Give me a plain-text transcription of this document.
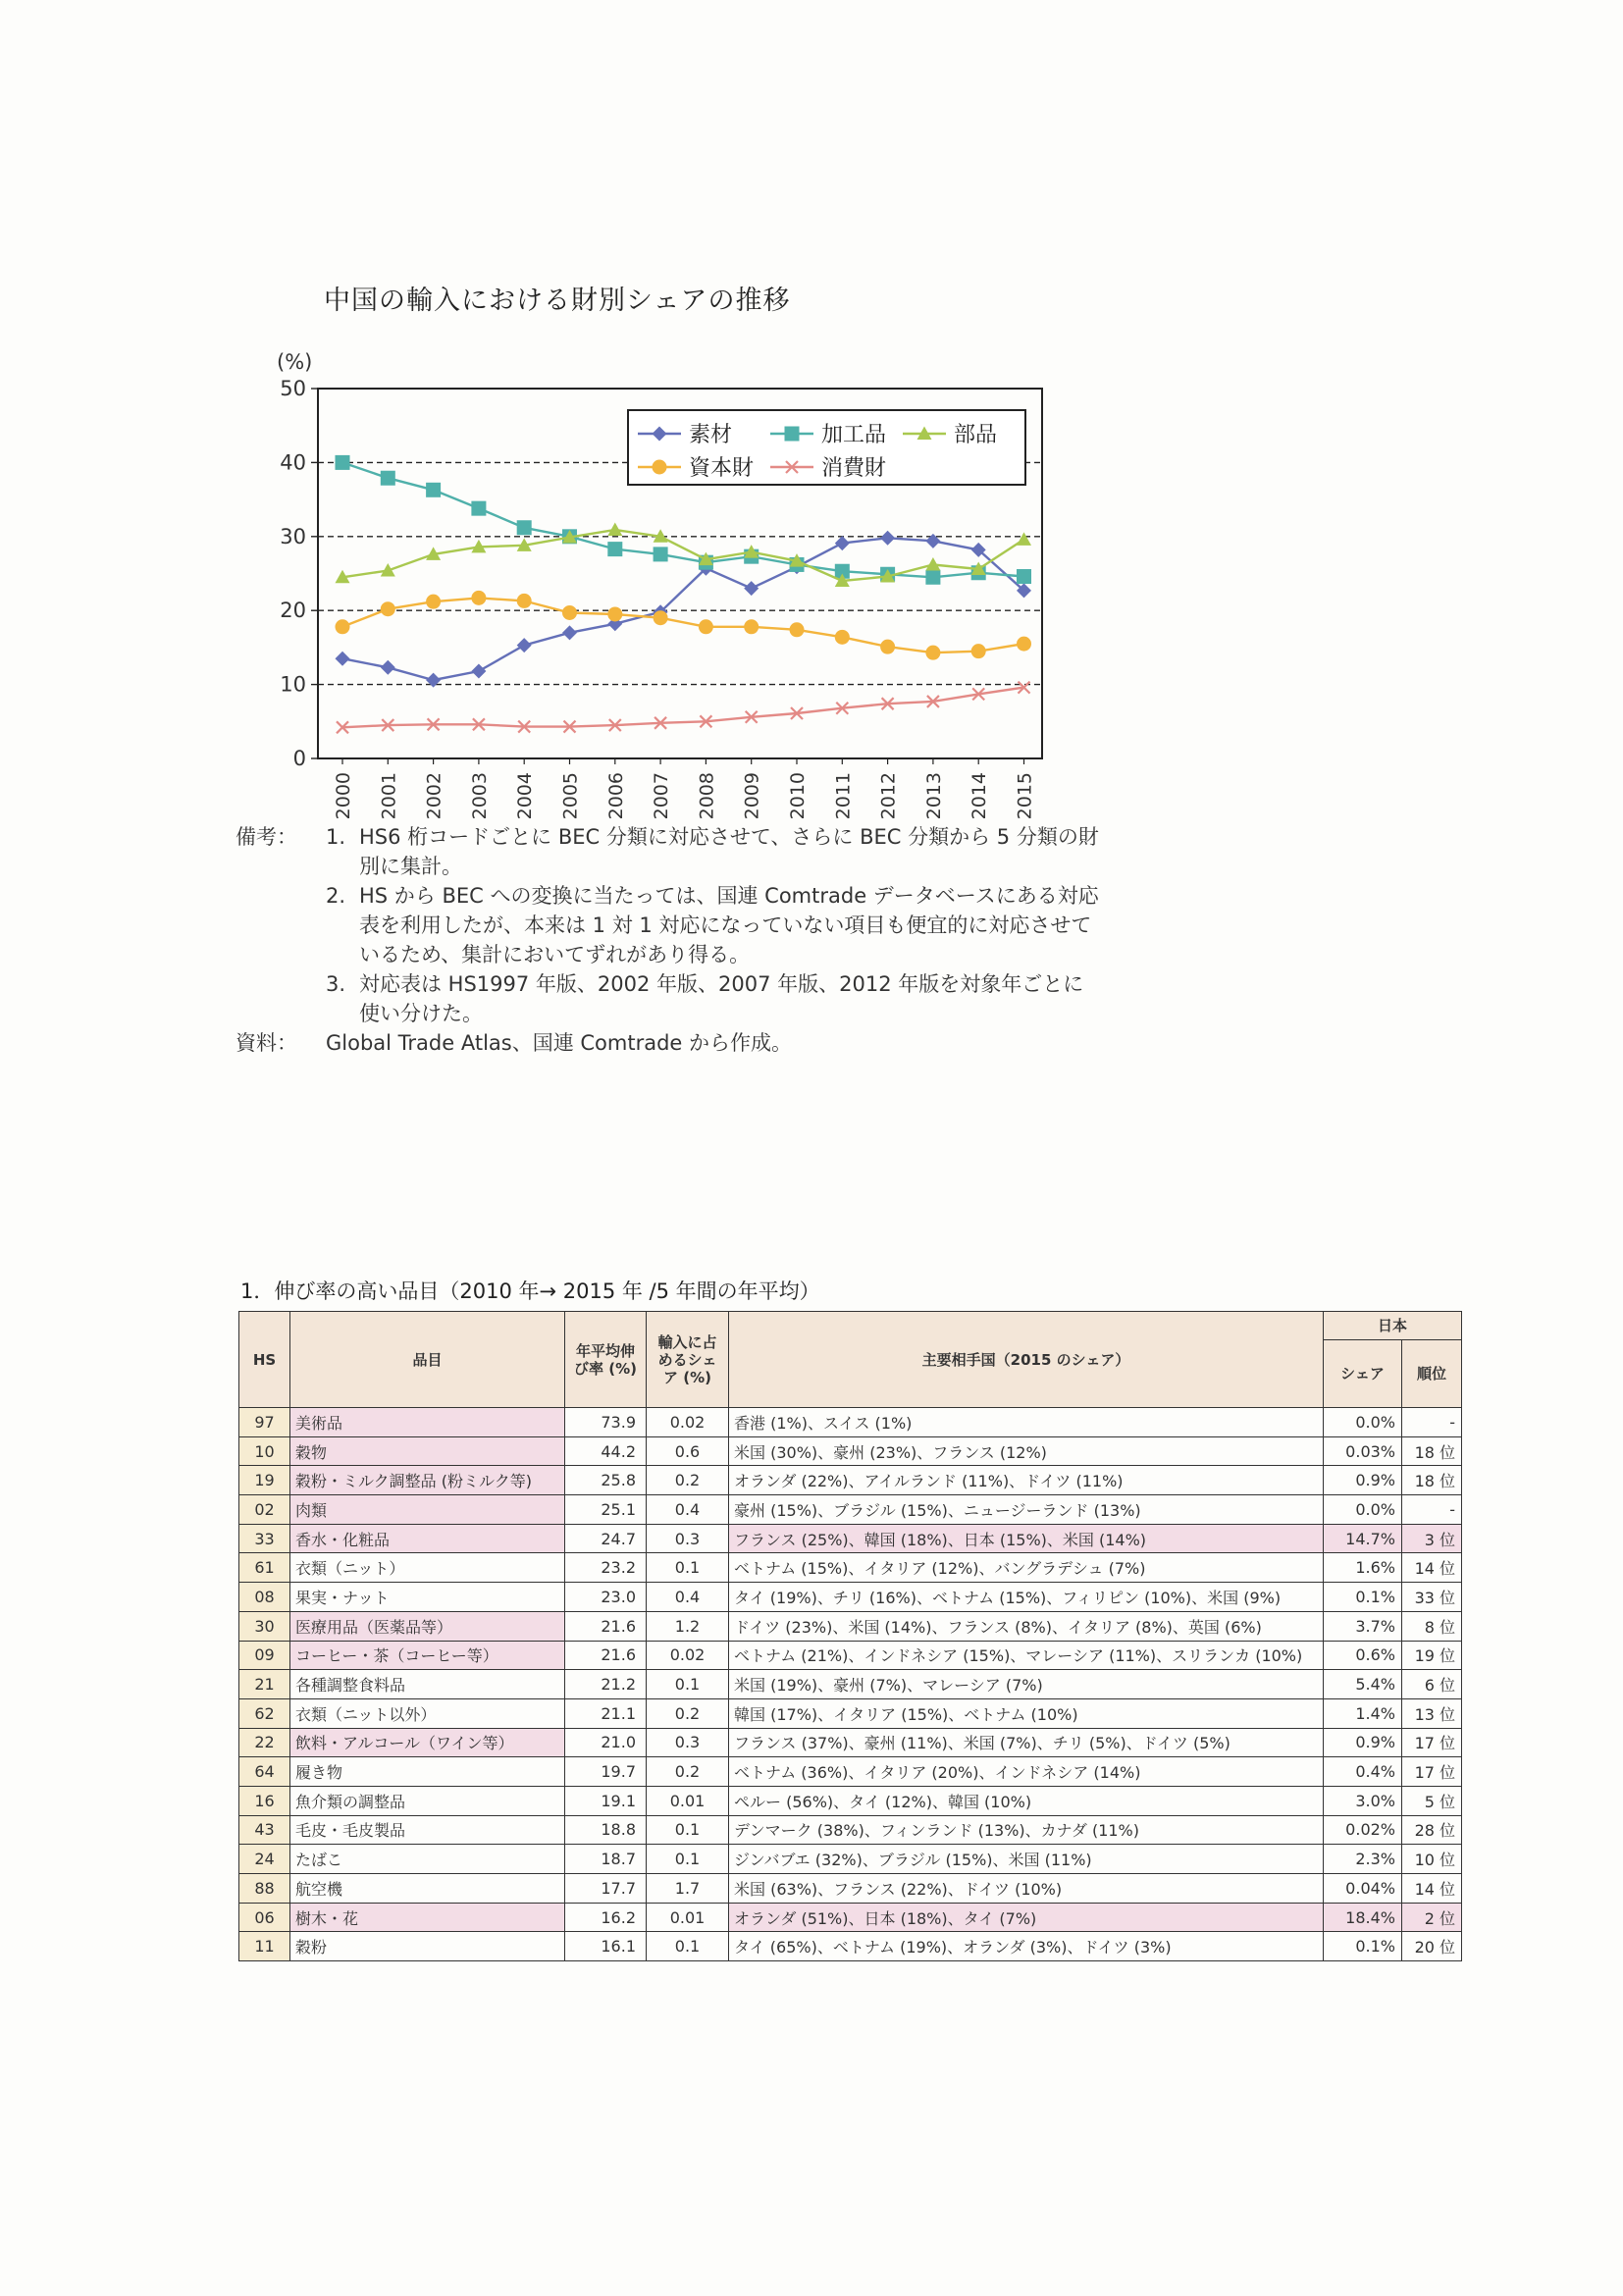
中国の輸入における財別シェアの推移
(%)
0
10
20
30
40
50
2000 2001 2002 2003 2004 2005 2006 2007 2008 2009 2010 2011 2012 2013 2014 2015
素材	加工品	部品
資本財	消費財
備考：	1. HS6 桁コードごとに BEC 分類に対応させて、さらに BEC 分類から 5 分類の財別に集計。
2. HS から BEC への変換に当たっては、国連 Comtrade データベースにある対応表を利用したが、本来は 1 対 1 対応になっていない項目も便宜的に対応させているため、集計においてずれがあり得る。
3. 対応表は HS1997 年版、2002 年版、2007 年版、2012 年版を対象年ごとに使い分けた。
資料：	Global Trade Atlas、国連 Comtrade から作成。
1．伸び率の高い品目（2010 年→ 2015 年 /5 年間の年平均）
HS	品目	年平均伸び率 (%)	輸入に占めるシェア (%)	主要相手国（2015 のシェア）	日本	
					シェア	順位
97	美術品	73.9	0.02	香港 (1%)、スイス (1%)	0.0%	-
10	穀物	44.2	0.6	米国 (30%)、豪州 (23%)、フランス (12%)	0.03%	18 位
19	穀粉・ミルク調整品 (粉ミルク等)	25.8	0.2	オランダ (22%)、アイルランド (11%)、ドイツ (11%)	0.9%	18 位
02	肉類	25.1	0.4	豪州 (15%)、ブラジル (15%)、ニュージーランド (13%)	0.0%	-
33	香水・化粧品	24.7	0.3	フランス (25%)、韓国 (18%)、日本 (15%)、米国 (14%)	14.7%	3 位
61	衣類（ニット）	23.2	0.1	ベトナム (15%)、イタリア (12%)、バングラデシュ (7%)	1.6%	14 位
08	果実・ナット	23.0	0.4	タイ (19%)、チリ (16%)、ベトナム (15%)、フィリピン (10%)、米国 (9%)	0.1%	33 位
30	医療用品（医薬品等）	21.6	1.2	ドイツ (23%)、米国 (14%)、フランス (8%)、イタリア (8%)、英国 (6%)	3.7%	8 位
09	コーヒー・茶（コーヒー等）	21.6	0.02	ベトナム (21%)、インドネシア (15%)、マレーシア (11%)、スリランカ (10%)	0.6%	19 位
21	各種調整食料品	21.2	0.1	米国 (19%)、豪州 (7%)、マレーシア (7%)	5.4%	6 位
62	衣類（ニット以外）	21.1	0.2	韓国 (17%)、イタリア (15%)、ベトナム (10%)	1.4%	13 位
22	飲料・アルコール（ワイン等）	21.0	0.3	フランス (37%)、豪州 (11%)、米国 (7%)、チリ (5%)、ドイツ (5%)	0.9%	17 位
64	履き物	19.7	0.2	ベトナム (36%)、イタリア (20%)、インドネシア (14%)	0.4%	17 位
16	魚介類の調整品	19.1	0.01	ペルー (56%)、タイ (12%)、韓国 (10%)	3.0%	5 位
43	毛皮・毛皮製品	18.8	0.1	デンマーク (38%)、フィンランド (13%)、カナダ (11%)	0.02%	28 位
24	たばこ	18.7	0.1	ジンバブエ (32%)、ブラジル (15%)、米国 (11%)	2.3%	10 位
88	航空機	17.7	1.7	米国 (63%)、フランス (22%)、ドイツ (10%)	0.04%	14 位
06	樹木・花	16.2	0.01	オランダ (51%)、日本 (18%)、タイ (7%)	18.4%	2 位
11	穀粉	16.1	0.1	タイ (65%)、ベトナム (19%)、オランダ (3%)、ドイツ (3%)	0.1%	20 位
